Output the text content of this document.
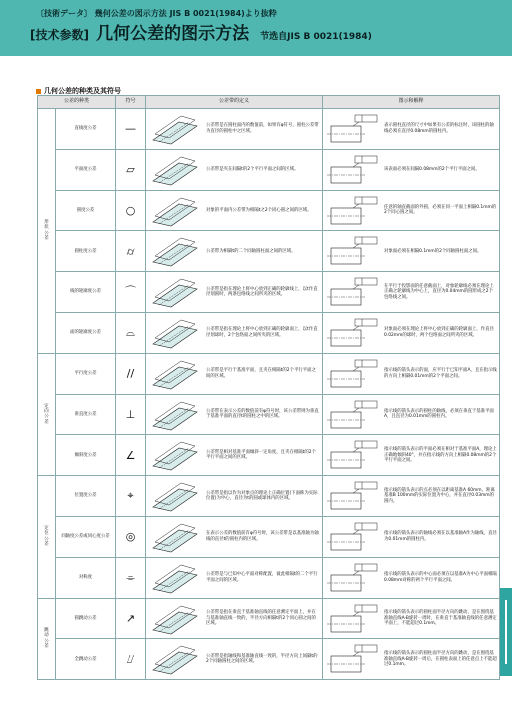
〔技術データ〕 幾何公差の図示方法 JIS B 0021(1984)より抜粋
[技术参数] 几何公差的图示方法 节选自JIS B 0021(1984)
几何公差的种类及其符号
公差的种类		符号	公差带的定义	图示和解释
形状公差	直线度公差	—	公差带是在圆柱面内的数值前，如果有φ符号，圆柱公差带为直径的圆柱中之区域。	表示圆柱直径的尺寸中如果有公差的标注时，该圆柱的轴线必须在直径0.08mm的圆柱内。

	平面度公差	▱	公差带是夹在间隔t的2个平行平面之间的区域。	该表面必须在间隔0.08mm的2个平行平面之间。

	圆度公差	○	对象的平面内公差带为相隔t之2个同心圆之间的区域。	任意的轴直截面的外圆，必须在同一平面上相隔0.1mm的2个同心圆之间。

	圆柱度公差	⌭	公差带为相隔t的二个同轴圆柱面之间的区域。	对象面必须在相隔0.1mm的2个同轴圆柱面之间。

	线的轮廓度公差	⌒	公差带是指在理论上将中心放到正确的轮廓线上，以t作直径划圆时，两条包络线之间所夹的区域。	在平行于投影面的任意截面上，对象轮廓线必须在理论上正确之轮廓线为中心上，直径为0.04mm的圆形成之2个包络线之间。

	面的轮廓度公差	⌓	公差带是指在理论上将中心放到正确的轮廓面上，以t作直径划球时，2个包络面之间所夹的区域。	对象面必须在理论上将中心放到正确的轮廓面上，作直径0.02mm的球时，两个包络面之间所夹的区域。

定向公差	平行度公差	//	公差带是平行于基准平面，且夹在相隔t的2个平行平面之间的区域。	指示线的箭头表示的面，应平行于已知平面A，且在指示线的方向上相隔0.01mm的2个平面之间。

	垂直度公差	⊥	公差带在表示公差的数值前有φ符号时，该公差带则为垂直于基准平面的直径t的圆柱之中的区域。	指示线的箭头表示的圆柱的轴线，必须在垂直于基准平面A，且直径为0.01mm的圆柱内。

	倾斜度公差	∠	公差带是相对基准平面倾斜一定角度，且夹在相隔t的2个平行平面之间的区域。	指示线的箭头表示的平面必须在相对于基准平面A，理论上正确地倾斜40°，并在指示线的方向上相隔0.08mm的2个平行平面之间。

定位公差	位置度公差	⌖	公差带是指以作为对象点的理论上正确位置(下面称为实际位置)为中心，直径为t的圆或球体内的区域。	指示线的箭头表示的点必须在以距离基准A 60mm，距离基准B 100mm的实际位置为中心，并在直径0.03mm的圆内。

	同轴度公差或同心度公差	◎	在表示公差的数值前有φ符号时，该公差带是以基准轴为轴线的直径t的圆柱内的区域。	指示线的箭头表示的轴线必须在以基准轴A作为轴线，直径为0.01mm的圆柱内。

	对称度	⌯	公差带是与已知中心平面对称配置，彼此相隔t的二个平行平面之间的区域。	指示线的箭头表示的中心面必须在以基准A为中心平面相隔0.08mm对称的两个平行平面之间。

跳动公差	圆跳动公差	↗	公差带是指在垂直于基准轴直线的任意测定平面上，并在与基准轴直线一致的，半径方向相隔t的2个同心圆之间的区域。	指示线的箭头表示的圆柱面半径方向的跳动，是在围绕基准轴直线A-B旋转一周时，在垂直于基准轴直线的任意测定平面上，不能超过0.1mm。

	全跳动公差	⌰	公差带是指轴线和基准轴直线一致的，半径方向上间隔t的2个同轴圆柱之间的区域。	指示线的箭头表示的圆柱面半径方向的跳动，是在围绕基准轴直线A-B旋转一周后，在圆柱表面上的任意点上不能超过0.1mm。
